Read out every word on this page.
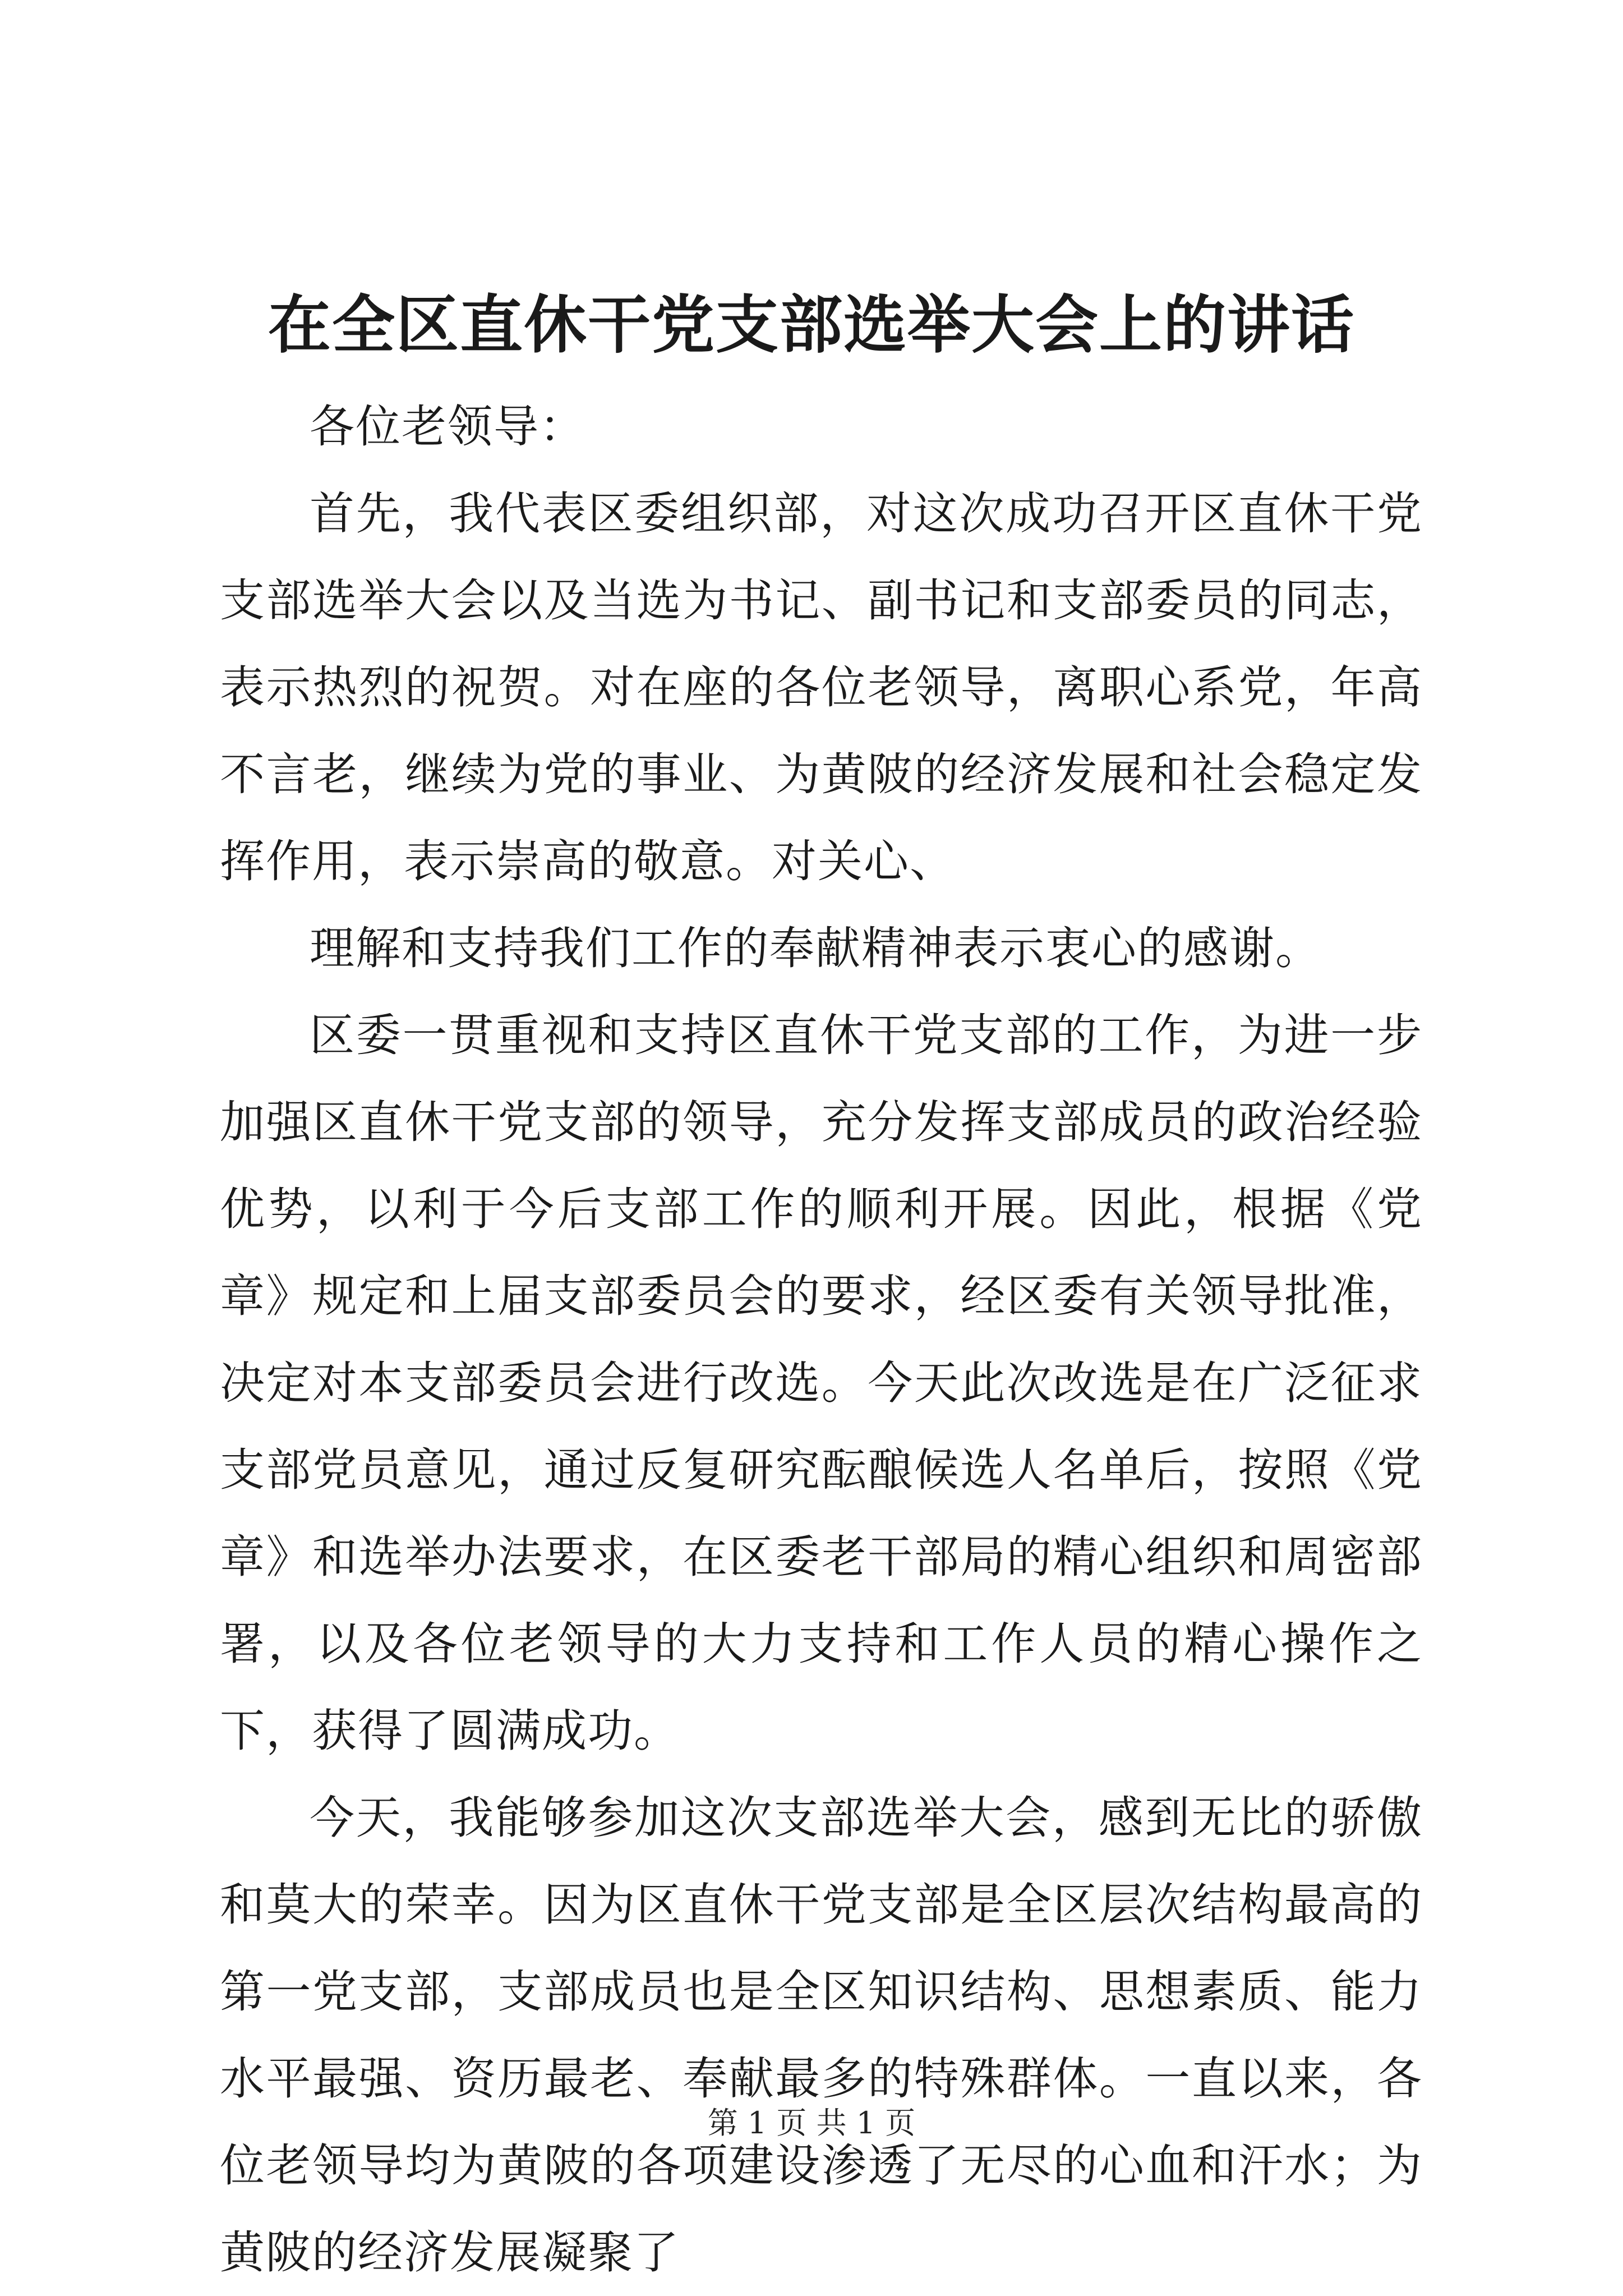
在全区直休干党支部选举大会上的讲话

各位老领导：

首先，我代表区委组织部，对这次成功召开区直休干党支部选举大会以及当选为书记、副书记和支部委员的同志，表示热烈的祝贺。对在座的各位老领导，离职心系党，年高不言老，继续为党的事业、为黄陂的经济发展和社会稳定发挥作用，表示崇高的敬意。对关心、

理解和支持我们工作的奉献精神表示衷心的感谢。

区委一贯重视和支持区直休干党支部的工作，为进一步加强区直休干党支部的领导，充分发挥支部成员的政治经验优势，以利于今后支部工作的顺利开展。因此，根据《党章》规定和上届支部委员会的要求，经区委有关领导批准，决定对本支部委员会进行改选。今天此次改选是在广泛征求支部党员意见，通过反复研究酝酿候选人名单后，按照《党章》和选举办法要求，在区委老干部局的精心组织和周密部署，以及各位老领导的大力支持和工作人员的精心操作之下，获得了圆满成功。

今天，我能够参加这次支部选举大会，感到无比的骄傲和莫大的荣幸。因为区直休干党支部是全区层次结构最高的第一党支部，支部成员也是全区知识结构、思想素质、能力水平最强、资历最老、奉献最多的特殊群体。一直以来，各位老领导均为黄陂的各项建设渗透了无尽的心血和汗水；为黄陂的经济发展凝聚了

第 1 页 共 1 页
